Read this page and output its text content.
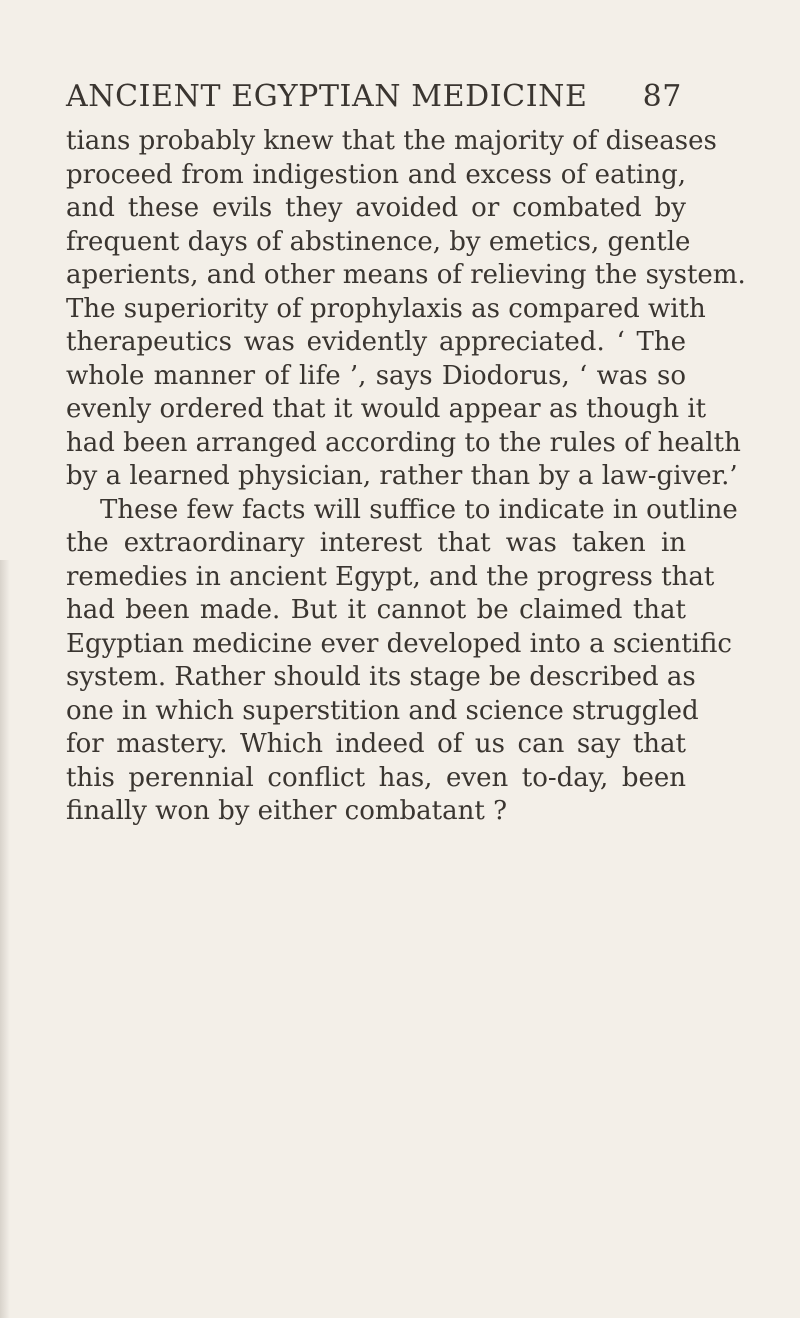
ANCIENT EGYPTIAN MEDICINE 87
tians probably knew that the majority of diseases
proceed from indigestion and excess of eating,
and these evils they avoided or combated by
frequent days of abstinence, by emetics, gentle
aperients, and other means of relieving the system.
The superiority of prophylaxis as compared with
therapeutics was evidently appreciated. ‘ The
whole manner of life ’, says Diodorus, ‘ was so
evenly ordered that it would appear as though it
had been arranged according to the rules of health
by a learned physician, rather than by a law-giver.’
These few facts will suffice to indicate in outline
the extraordinary interest that was taken in
remedies in ancient Egypt, and the progress that
had been made. But it cannot be claimed that
Egyptian medicine ever developed into a scientific
system. Rather should its stage be described as
one in which superstition and science struggled
for mastery. Which indeed of us can say that
this perennial conflict has, even to-day, been
finally won by either combatant ?
